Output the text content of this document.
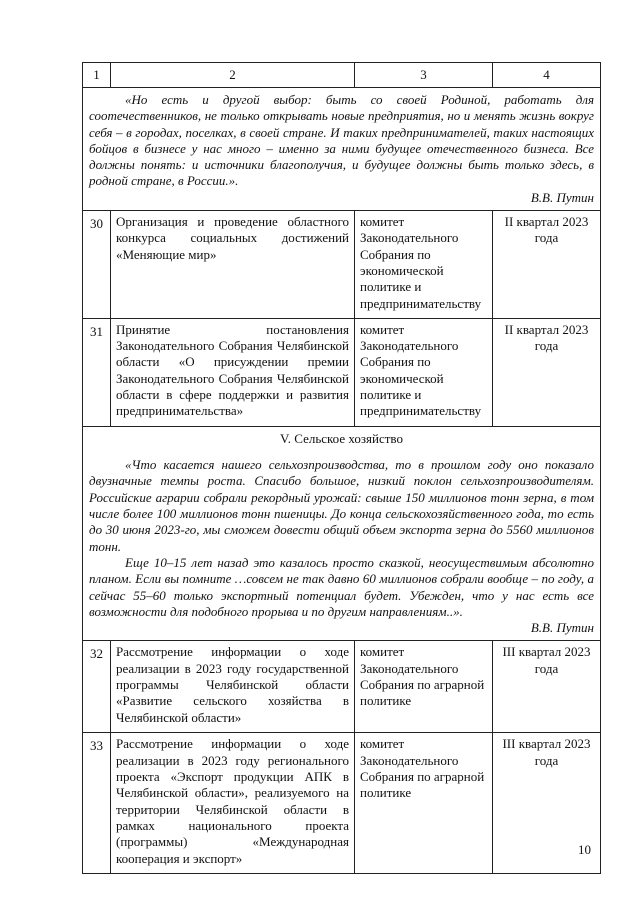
1	2	3	4

«Но есть и другой выбор: быть со своей Родиной, работать для соотечественников, не только открывать новые предприятия, но и менять жизнь вокруг себя – в городах, поселках, в своей стране. И таких предпринимателей, таких настоящих бойцов в бизнесе у нас много – именно за ними будущее отечественного бизнеса. Все должны понять: и источники благополучия, и будущее должны быть только здесь, в родной стране, в России.».

В.В. Путин			

30	Организация и проведение областного конкурса социальных достижений «Меняющие мир»	комитет Законодательного Собрания по экономической политике и предпринимательству	II квартал 2023 года
31	Принятие постановления Законодательного Собрания Челябинской области «О присуждении премии Законодательного Собрания Челябинской области в сфере поддержки и развития предпринимательства»	комитет Законодательного Собрания по экономической политике и предпринимательству	II квартал 2023 года

V. Сельское хозяйство

«Что касается нашего сельхозпроизводства, то в прошлом году оно показало двузначные темпы роста. Спасибо большое, низкий поклон сельхозпроизводителям. Российские аграрии собрали рекордный урожай: свыше 150 миллионов тонн зерна, в том числе более 100 миллионов тонн пшеницы. До конца сельскохозяйственного года, то есть до 30 июня 2023-го, мы сможем довести общий объем экспорта зерна до 5560 миллионов тонн.

Еще 10–15 лет назад это казалось просто сказкой, неосуществимым абсолютно планом. Если вы помните …совсем не так давно 60 миллионов собрали вообще – по году, а сейчас 55–60 только экспортный потенциал будет. Убежден, что у нас есть все возможности для подобного прорыва и по другим направлениям..».

В.В. Путин			

32	Рассмотрение информации о ходе реализации в 2023 году государственной программы Челябинской области «Развитие сельского хозяйства в Челябинской области»	комитет Законодательного Собрания по аграрной политике	III квартал 2023 года
33	Рассмотрение информации о ходе реализации в 2023 году регионального проекта «Экспорт продукции АПК в Челябинской области», реализуемого на территории Челябинской области в рамках национального проекта (программы) «Международная кооперация и экспорт»	комитет Законодательного Собрания по аграрной политике	III квартал 2023 года
10
